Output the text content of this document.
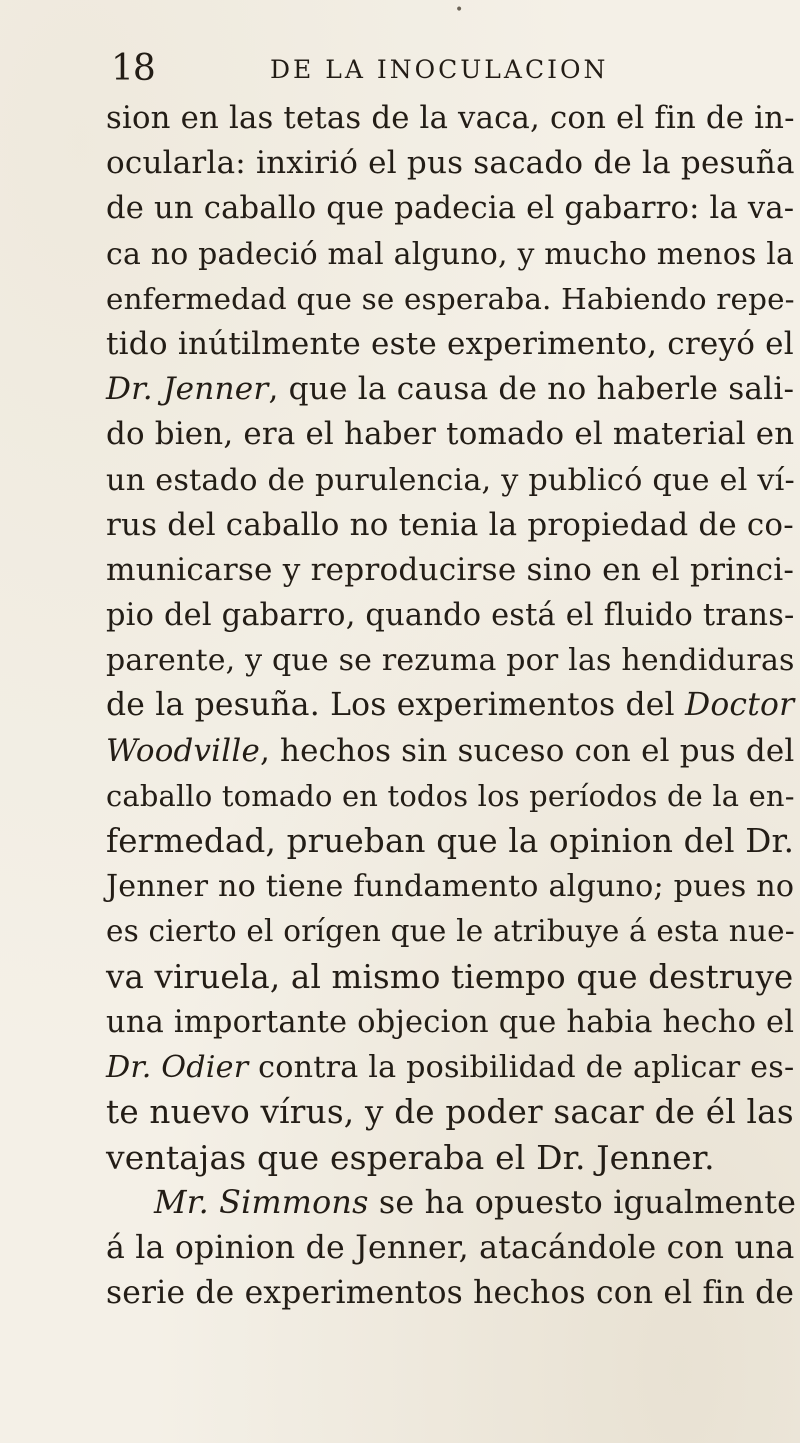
•
18	DE LA INOCULACION
sion en las tetas de la vaca, con el fin de in-
ocularla: inxirió el pus sacado de la pesuña
de un caballo que padecia el gabarro: la va-
ca no padeció mal alguno, y mucho menos la
enfermedad que se esperaba. Habiendo repe-
tido inútilmente este experimento, creyó el
Dr. Jenner, que la causa de no haberle sali-
do bien, era el haber tomado el material en
un estado de purulencia, y publicó que el ví-
rus del caballo no tenia la propiedad de co-
municarse y reproducirse sino en el princi-
pio del gabarro, quando está el fluido trans-
parente, y que se rezuma por las hendiduras
de la pesuña. Los experimentos del Doctor
Woodville, hechos sin suceso con el pus del
caballo tomado en todos los períodos de la en-
fermedad, prueban que la opinion del Dr.
Jenner no tiene fundamento alguno; pues no
es cierto el orígen que le atribuye á esta nue-
va viruela, al mismo tiempo que destruye
una importante objecion que habia hecho el
Dr. Odier contra la posibilidad de aplicar es-
te nuevo vírus, y de poder sacar de él las
ventajas que esperaba el Dr. Jenner.
Mr. Simmons se ha opuesto igualmente
á la opinion de Jenner, atacándole con una
serie de experimentos hechos con el fin de
